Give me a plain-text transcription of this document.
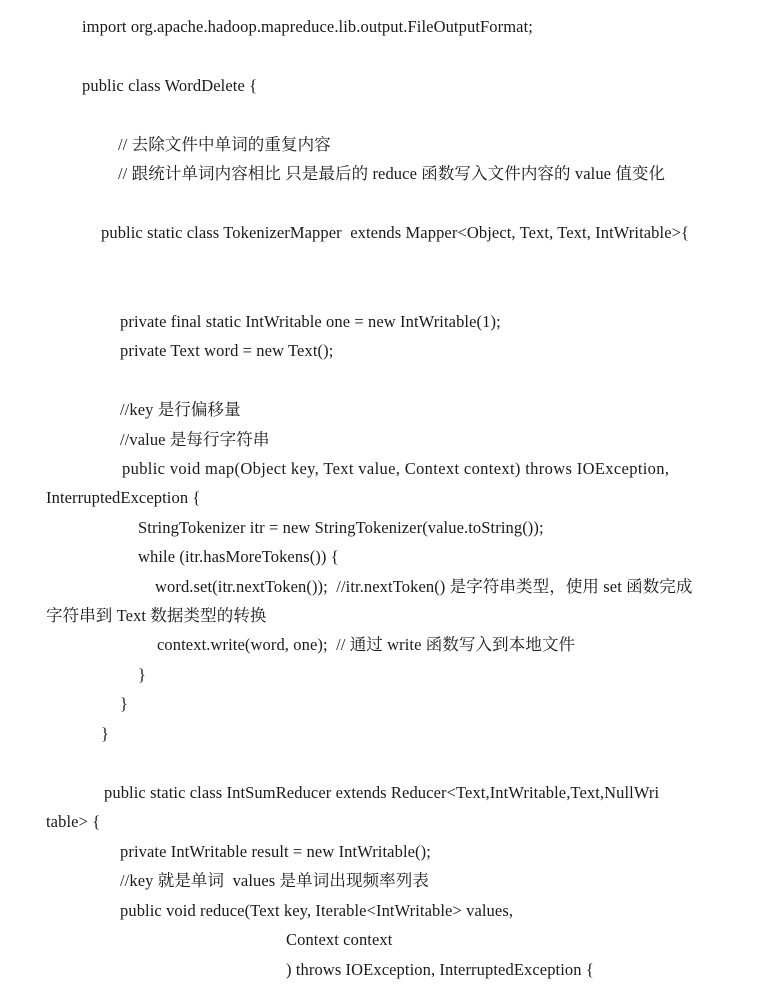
import org.apache.hadoop.mapreduce.lib.output.FileOutputFormat;
public class WordDelete {
// 去除文件中单词的重复内容
// 跟统计单词内容相比 只是最后的 reduce 函数写入文件内容的 value 值变化
public static class TokenizerMapper  extends Mapper<Object, Text, Text, IntWritable>{
private final static IntWritable one = new IntWritable(1);
private Text word = new Text();
//key 是行偏移量
//value 是每行字符串
public void map(Object key, Text value, Context context) throws IOException,
InterruptedException {
StringTokenizer itr = new StringTokenizer(value.toString());
while (itr.hasMoreTokens()) {
word.set(itr.nextToken());  //itr.nextToken() 是字符串类型，使用 set 函数完成
字符串到 Text 数据类型的转换
context.write(word, one);  // 通过 write 函数写入到本地文件
}
}
}
public static class IntSumReducer extends Reducer<Text,IntWritable,Text,NullWri
table> {
private IntWritable result = new IntWritable();
//key 就是单词  values 是单词出现频率列表
public void reduce(Text key, Iterable<IntWritable> values,
Context context
) throws IOException, InterruptedException {
